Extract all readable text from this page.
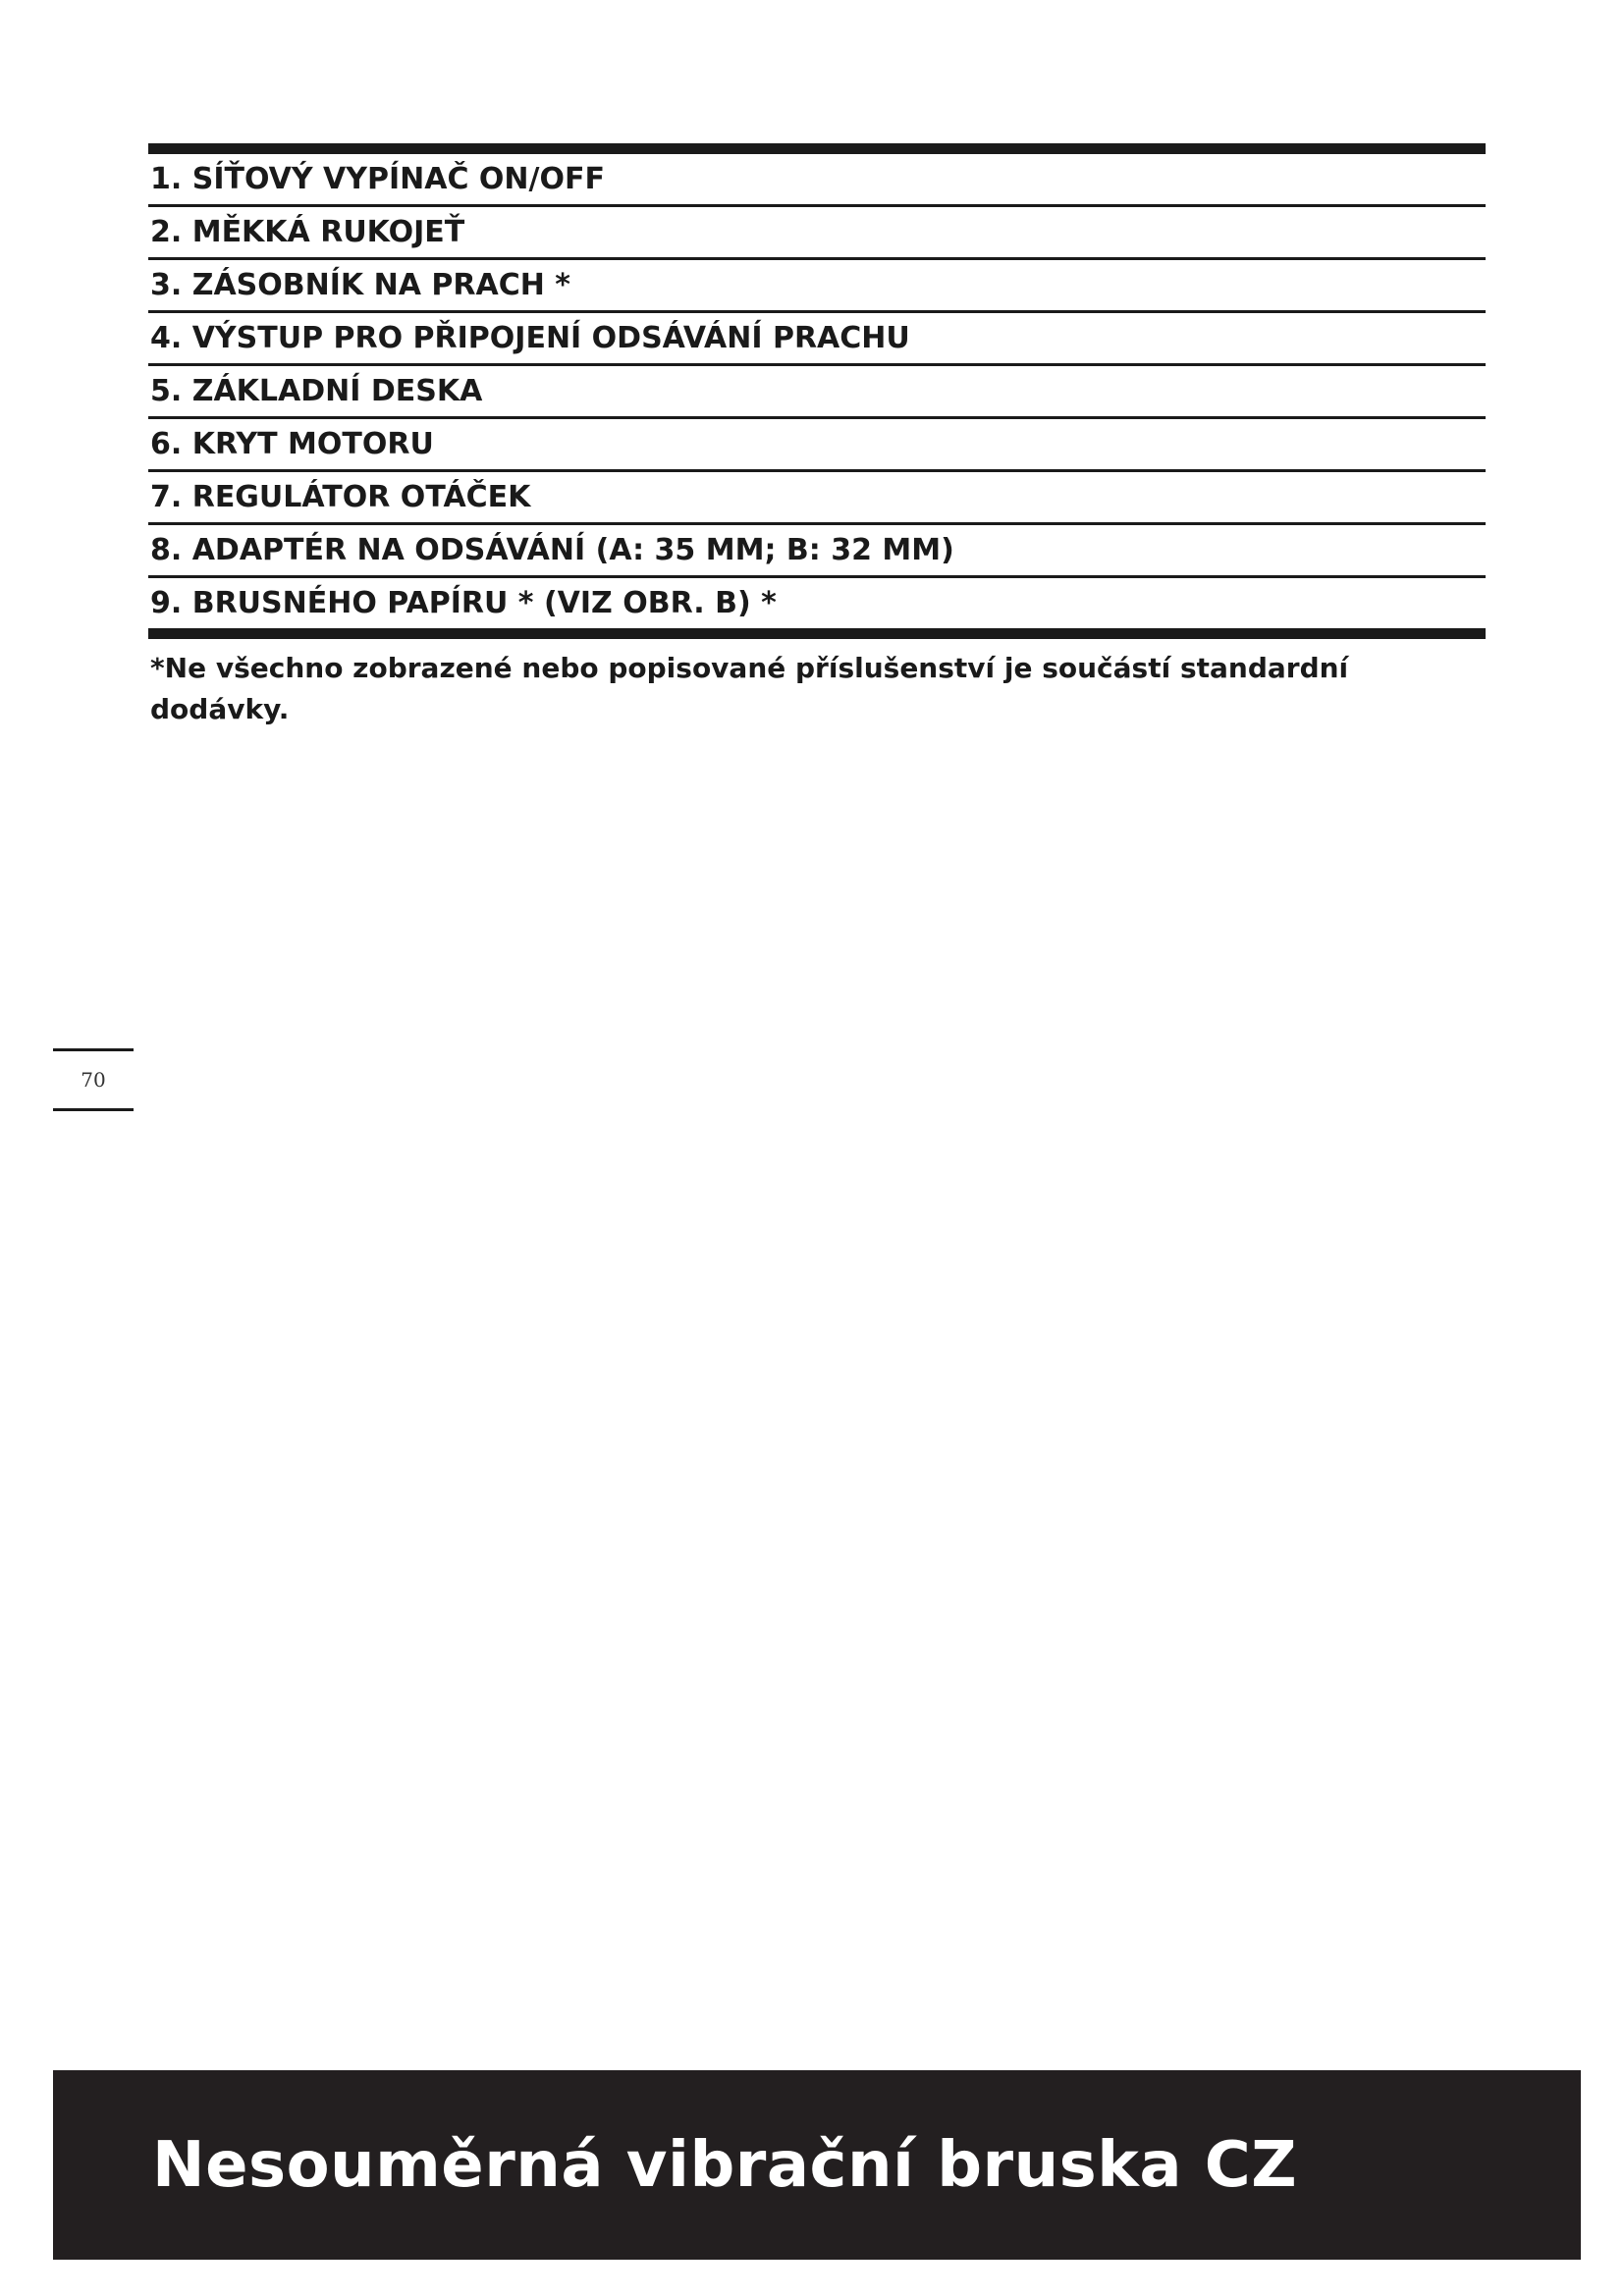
1. SÍŤOVÝ VYPÍNAČ ON/OFF
2. MĚKKÁ RUKOJEŤ
3. ZÁSOBNÍK NA PRACH *
4. VÝSTUP PRO PŘIPOJENÍ ODSÁVÁNÍ PRACHU
5. ZÁKLADNÍ DESKA
6. KRYT MOTORU
7. REGULÁTOR OTÁČEK
8. ADAPTÉR NA ODSÁVÁNÍ (A: 35 MM; B: 32 MM)
9. BRUSNÉHO PAPÍRU * (VIZ OBR. B) *
*Ne všechno zobrazené nebo popisované příslušenství je součástí standardní dodávky.
70
Nesouměrná vibrační bruska CZ
